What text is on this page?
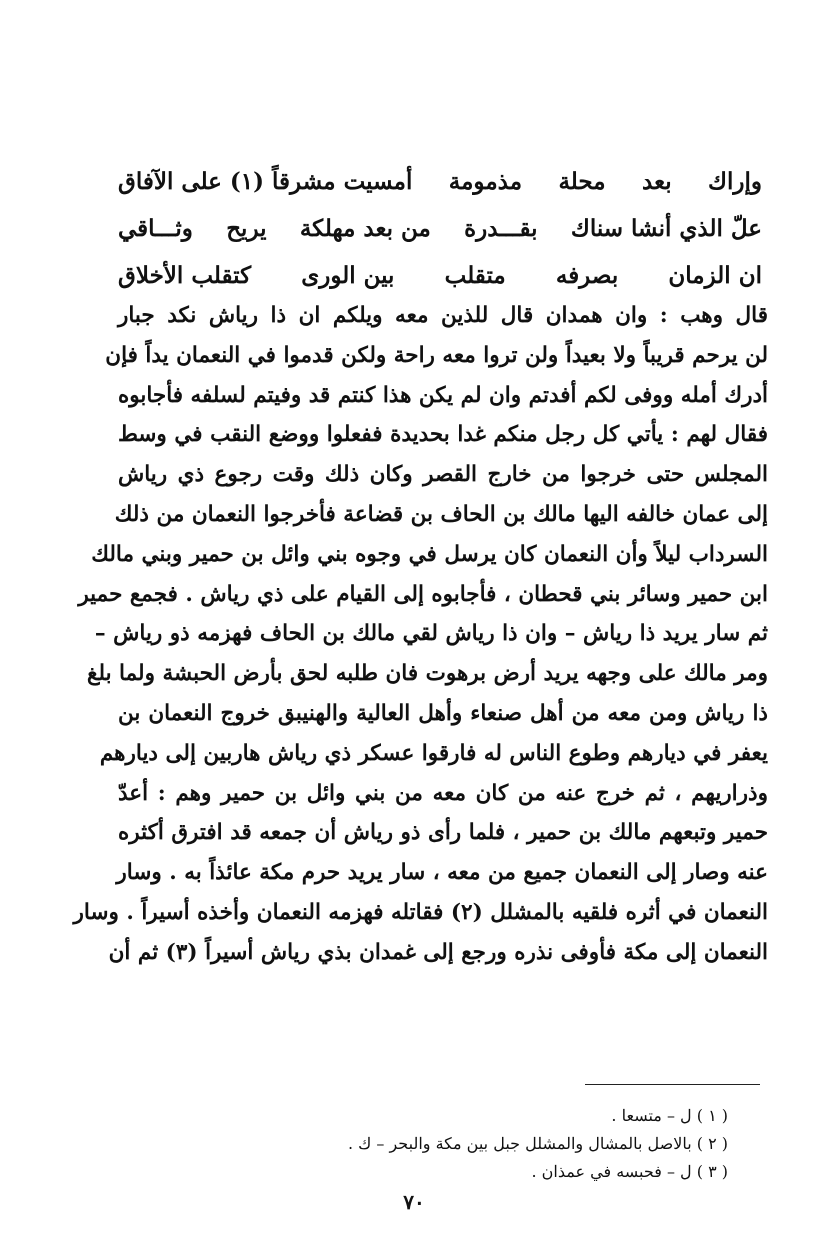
وإراك
بعد
محلة
مذمومة
أمسيت مشرقاً (١) على الآفاق
علّ الذي أنشا سناك
بقـــدرة
من بعد مهلكة
يريح
وثـــاقي
ان الزمان
بصرفه
متقلب
بين الورى
كتقلب الأخلاق
قال وهب : وان همدان قال للذين معه ويلكم ان ذا رياش نكد جبار
لن يرحم قريباً ولا بعيداً ولن تروا معه راحة ولكن قدموا في النعمان يداً فإن
أدرك أمله ووفى لكم أفدتم وان لم يكن هذا كنتم قد وفيتم لسلفه فأجابوه
فقال لهم : يأتي كل رجل منكم غدا بحديدة ففعلوا ووضع النقب في وسط
المجلس حتى خرجوا من خارج القصر وكان ذلك وقت رجوع ذي رياش
إلى عمان خالفه اليها مالك بن الحاف بن قضاعة فأخرجوا النعمان من ذلك
السرداب ليلاً وأن النعمان كان يرسل في وجوه بني وائل بن حمير وبني مالك
ابن حمير وسائر بني قحطان ، فأجابوه إلى القيام على ذي رياش . فجمع حمير
ثم سار يريد ذا رياش – وان ذا رياش لقي مالك بن الحاف فهزمه ذو رياش –
ومر مالك على وجهه يريد أرض برهوت فان طلبه لحق بأرض الحبشة ولما بلغ
ذا رياش ومن معه من أهل صنعاء وأهل العالية والهنيبق خروج النعمان بن
يعفر في ديارهم وطوع الناس له فارقوا عسكر ذي رياش هاربين إلى ديارهم
وذراريهم ، ثم خرج عنه من كان معه من بني وائل بن حمير وهم : أعدّ
حمير وتبعهم مالك بن حمير ، فلما رأى ذو رياش أن جمعه قد افترق أكثره
عنه وصار إلى النعمان جميع من معه ، سار يريد حرم مكة عائذاً به . وسار
النعمان في أثره فلقيه بالمشلل (٢) فقاتله فهزمه النعمان وأخذه أسيراً . وسار
النعمان إلى مكة فأوفى نذره ورجع إلى غمدان بذي رياش أسيراً (٣) ثم أن
( ١ ) ل – متسعا .
( ٢ ) بالاصل بالمشال والمشلل جبل بين مكة والبحر – ك .
( ٣ ) ل – فحبسه في عمذان .
٧٠
